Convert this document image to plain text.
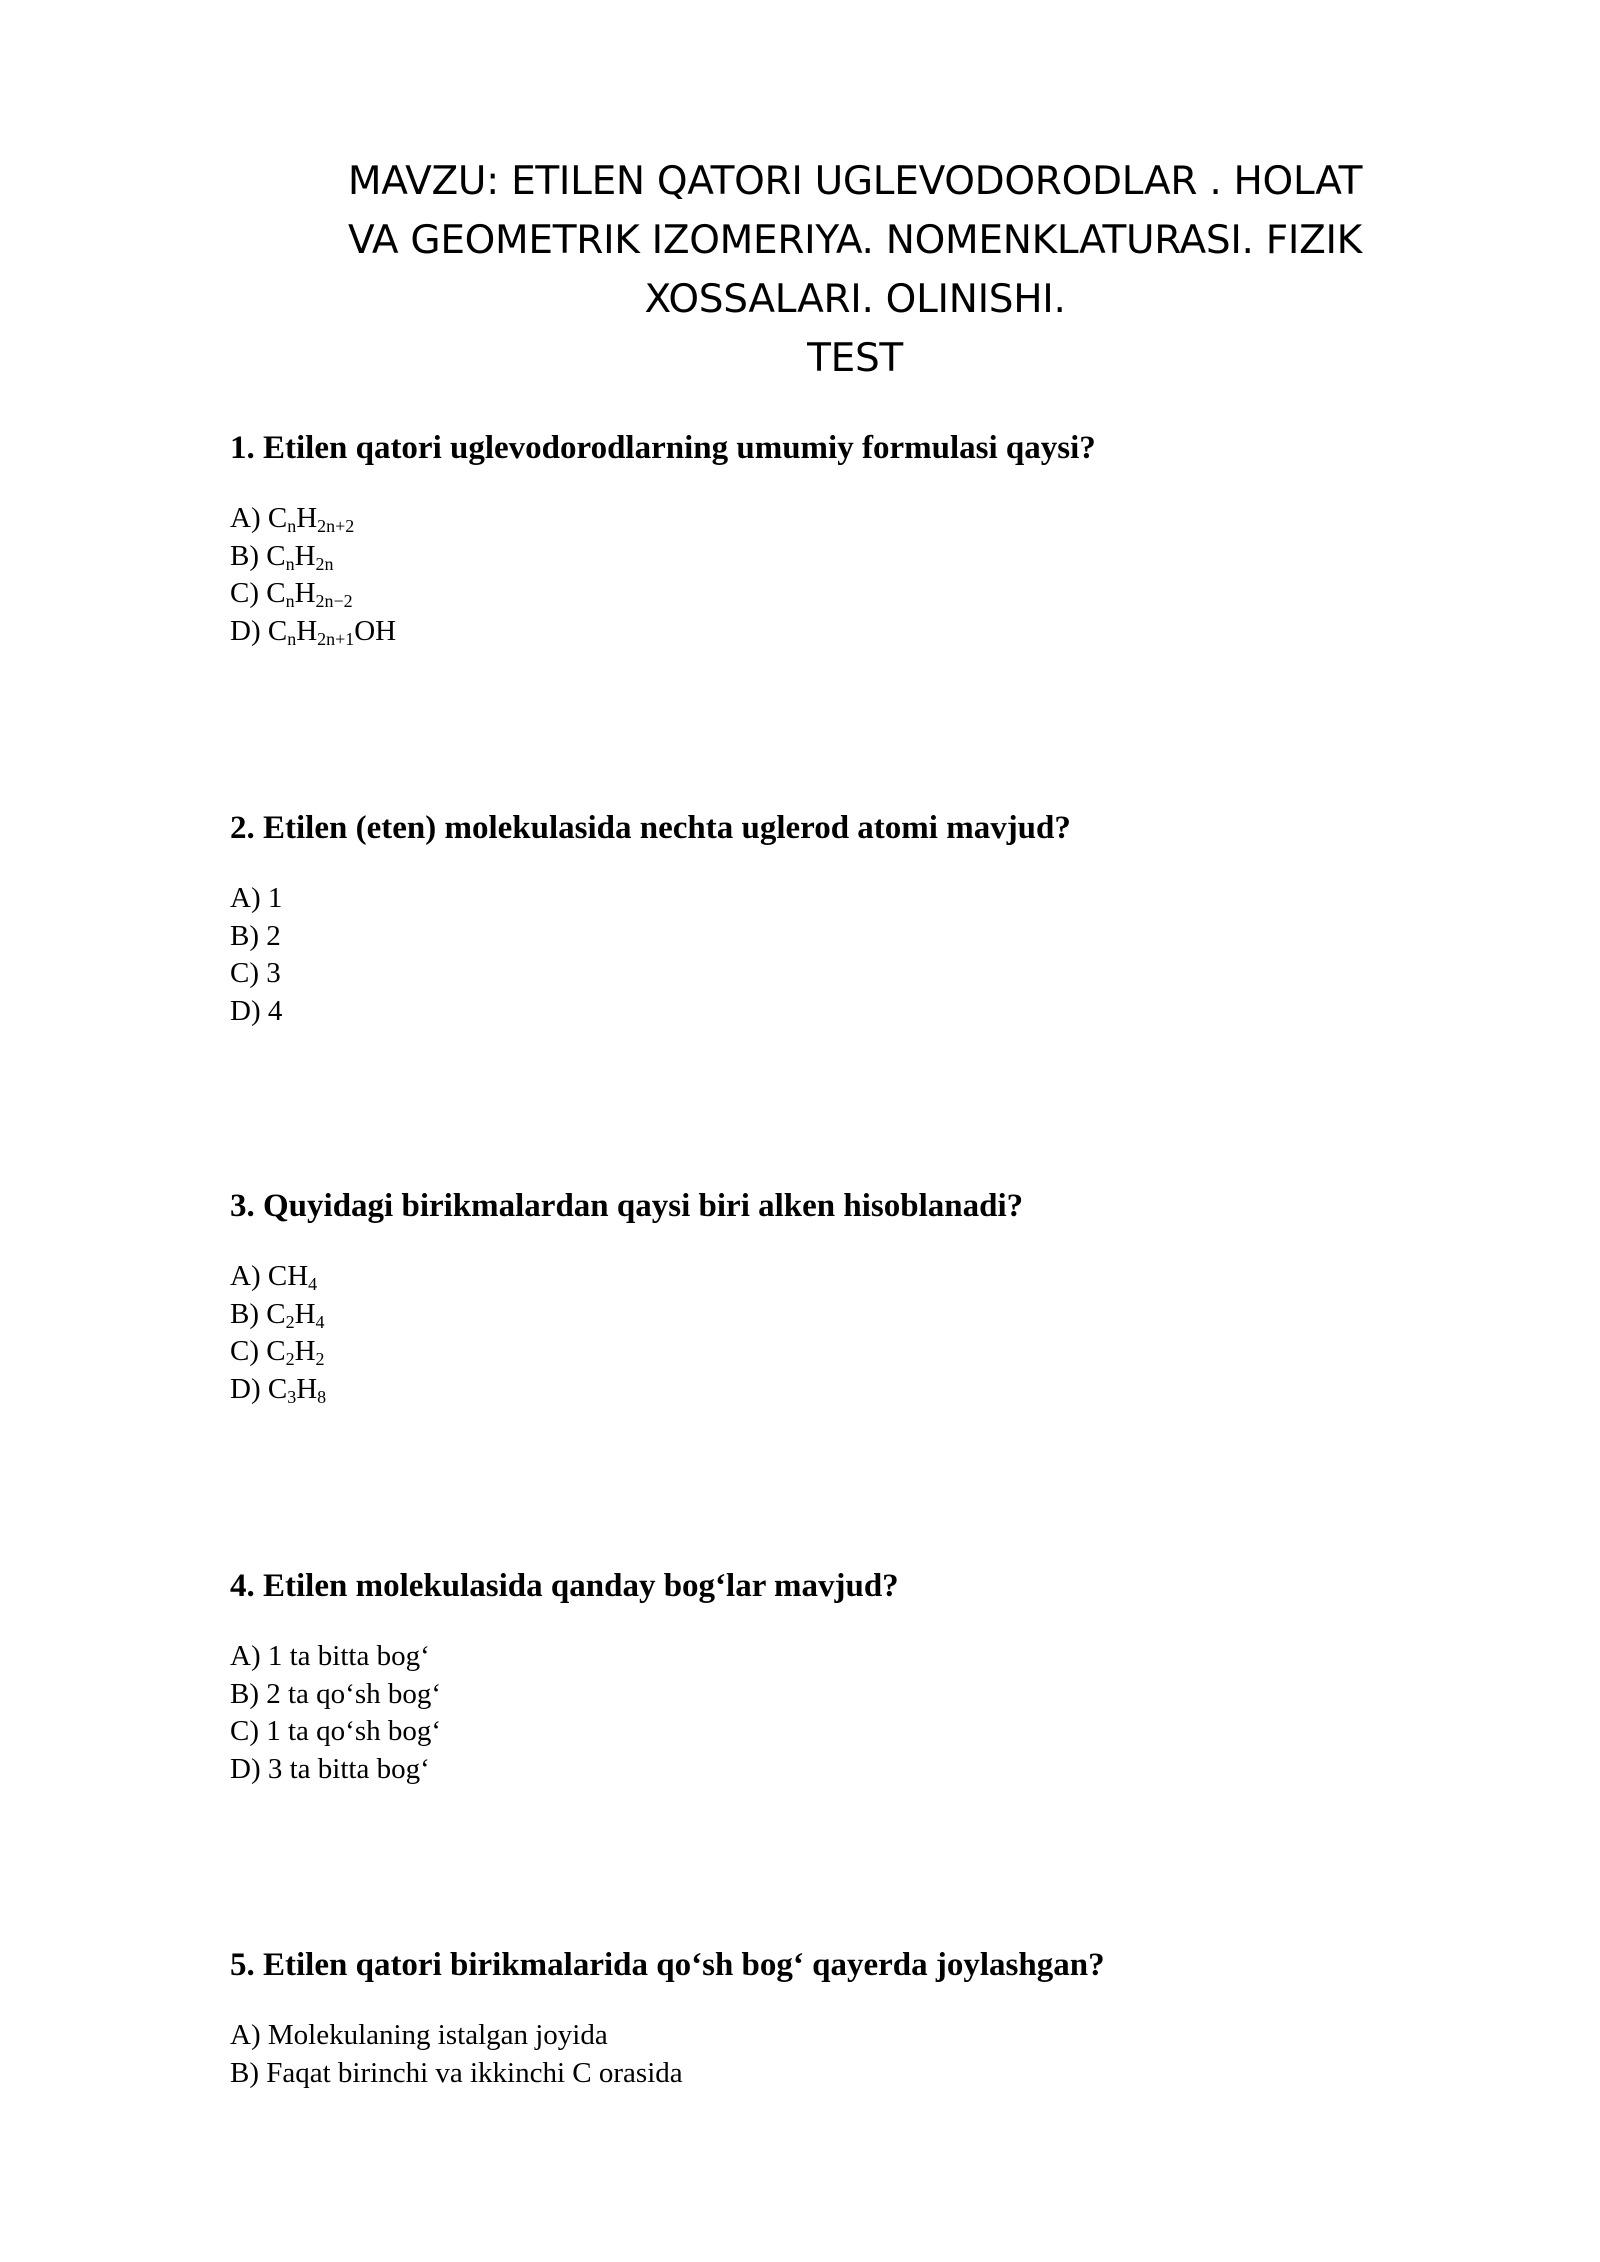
MAVZU: ETILEN QATORI UGLEVODORODLAR . HOLAT
VA GEOMETRIK IZOMERIYA. NOMENKLATURASI. FIZIK
XOSSALARI. OLINISHI.
TEST
1. Etilen qatori uglevodorodlarning umumiy formulasi qaysi?
A) $C_nH_{2n+2}$
B) $C_nH_{2n}$
C) $C_nH_{2n-2}$
D) $C_nH_{2n+1}OH$
2. Etilen (eten) molekulasida nechta uglerod atomi mavjud?
A) 1
B) 2
C) 3
D) 4
3. Quyidagi birikmalardan qaysi biri alken hisoblanadi?
A) $CH_4$
B) $C_2H_4$
C) $C_2H_2$
D) $C_3H_8$
4. Etilen molekulasida qanday bog‘lar mavjud?
A) 1 ta bitta bog‘
B) 2 ta qo‘sh bog‘
C) 1 ta qo‘sh bog‘
D) 3 ta bitta bog‘
5. Etilen qatori birikmalarida qo‘sh bog‘ qayerda joylashgan?
A) Molekulaning istalgan joyida
B) Faqat birinchi va ikkinchi C orasida
